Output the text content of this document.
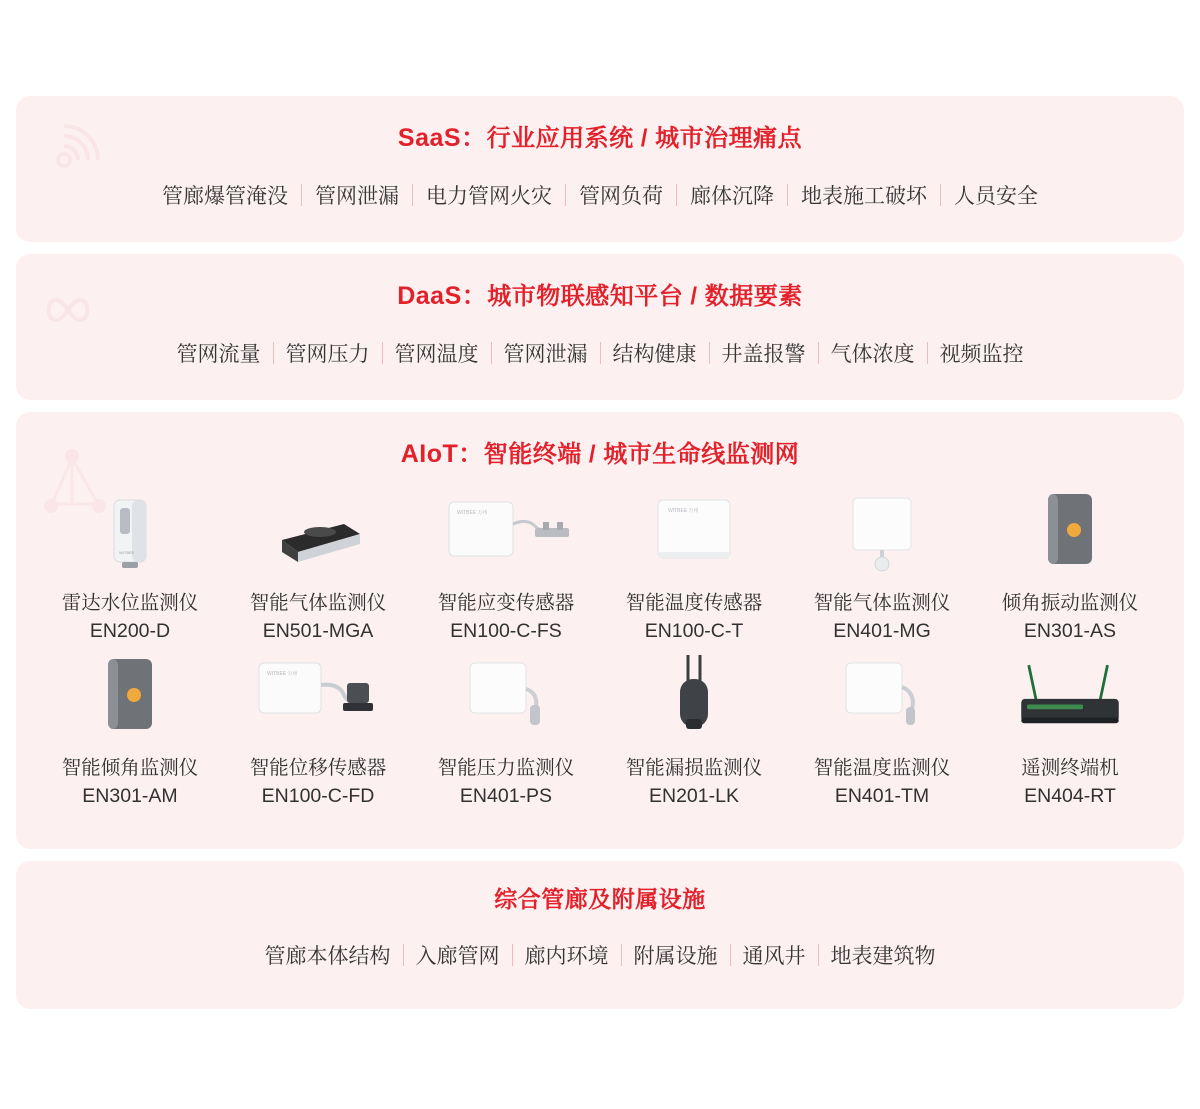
SaaS：行业应用系统 / 城市治理痛点
管廊爆管淹没	管网泄漏	电力管网火灾	管网负荷	廊体沉降	地表施工破坏	人员安全
DaaS：城市物联感知平台 / 数据要素
管网流量	管网压力	管网温度	管网泄漏	结构健康	井盖报警	气体浓度	视频监控
AIoT：智能终端 / 城市生命线监测网
WITBEE
雷达水位监测仪
EN200-D
智能气体监测仪
EN501-MGA
WITBEE 万州
智能应变传感器
EN100-C-FS
WITBEE 万州
智能温度传感器
EN100-C-T
智能气体监测仪
EN401-MG
倾角振动监测仪
EN301-AS
智能倾角监测仪
EN301-AM
WITBEE 万州
智能位移传感器
EN100-C-FD
智能压力监测仪
EN401-PS
智能漏损监测仪
EN201-LK
智能温度监测仪
EN401-TM
遥测终端机
EN404-RT
综合管廊及附属设施
管廊本体结构	入廊管网	廊内环境	附属设施	通风井	地表建筑物
